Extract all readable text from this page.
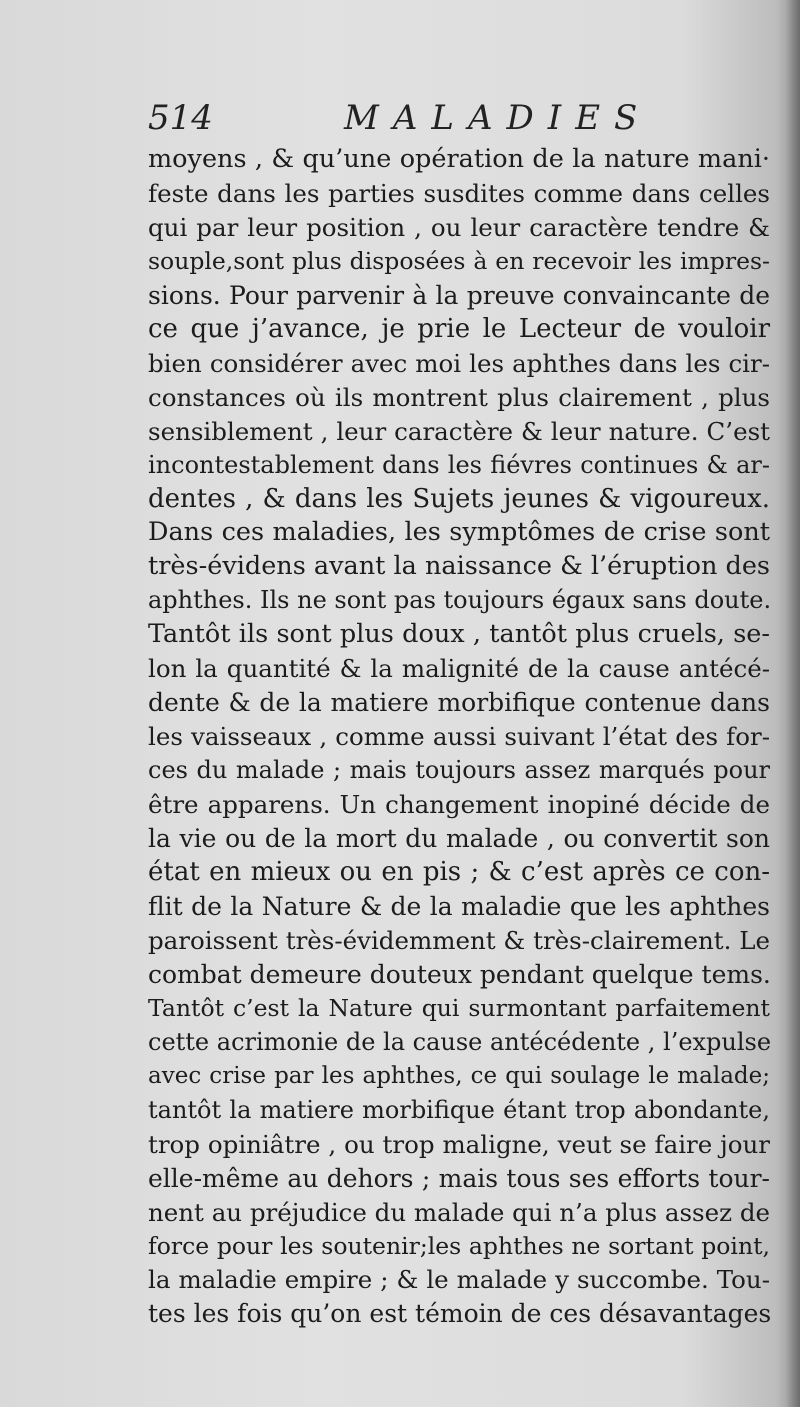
514	MALADIES
moyens , & qu’une opération de la nature mani·
feste dans les parties susdites comme dans celles
qui par leur position , ou leur caractère tendre &
souple,sont plus disposées à en recevoir les impres-
sions. Pour parvenir à la preuve convaincante de
ce que j’avance, je prie le Lecteur de vouloir
bien considérer avec moi les aphthes dans les cir-
constances où ils montrent plus clairement , plus
sensiblement , leur caractère & leur nature. C’est
incontestablement dans les fiévres continues & ar-
dentes , & dans les Sujets jeunes & vigoureux.
Dans ces maladies, les symptômes de crise sont
très-évidens avant la naissance & l’éruption des
aphthes. Ils ne sont pas toujours égaux sans doute.
Tantôt ils sont plus doux , tantôt plus cruels, se-
lon la quantité & la malignité de la cause antécé-
dente & de la matiere morbifique contenue dans
les vaisseaux , comme aussi suivant l’état des for-
ces du malade ; mais toujours assez marqués pour
être apparens. Un changement inopiné décide de
la vie ou de la mort du malade , ou convertit son
état en mieux ou en pis ; & c’est après ce con-
flit de la Nature & de la maladie que les aphthes
paroissent très-évidemment & très-clairement. Le
combat demeure douteux pendant quelque tems.
Tantôt c’est la Nature qui surmontant parfaitement
cette acrimonie de la cause antécédente , l’expulse
avec crise par les aphthes, ce qui soulage le malade;
tantôt la matiere morbifique étant trop abondante,
trop opiniâtre , ou trop maligne, veut se faire jour
elle-même au dehors ; mais tous ses efforts tour-
nent au préjudice du malade qui n’a plus assez de
force pour les soutenir;les aphthes ne sortant point,
la maladie empire ; & le malade y succombe. Tou-
tes les fois qu’on est témoin de ces désavantages
